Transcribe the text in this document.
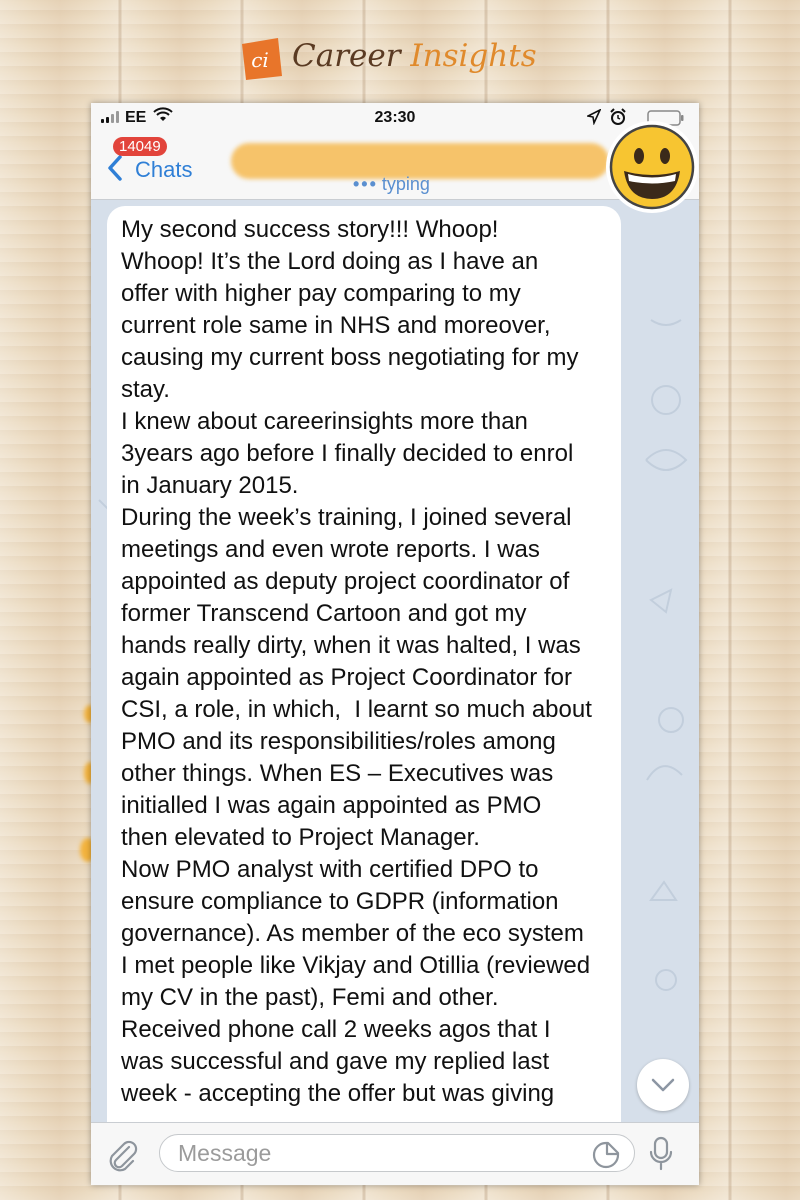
ci Career Insights
EE	23:30
Chats
14049
••• typing
My second success story!!! Whoop!
Whoop! It’s the Lord doing as I have an
offer with higher pay comparing to my
current role same in NHS and moreover,
causing my current boss negotiating for my
stay.
I knew about careerinsights more than
3years ago before I finally decided to enrol
in January 2015.
During the week’s training, I joined several
meetings and even wrote reports. I was
appointed as deputy project coordinator of
former Transcend Cartoon and got my
hands really dirty, when it was halted, I was
again appointed as Project Coordinator for
CSI, a role, in which,  I learnt so much about
PMO and its responsibilities/roles among
other things. When ES – Executives was
initialled I was again appointed as PMO
then elevated to Project Manager.
Now PMO analyst with certified DPO to
ensure compliance to GDPR (information
governance). As member of the eco system
I met people like Vikjay and Otillia (reviewed
my CV in the past), Femi and other.
Received phone call 2 weeks agos that I
was successful and gave my replied last
week - accepting the offer but was giving
Message
